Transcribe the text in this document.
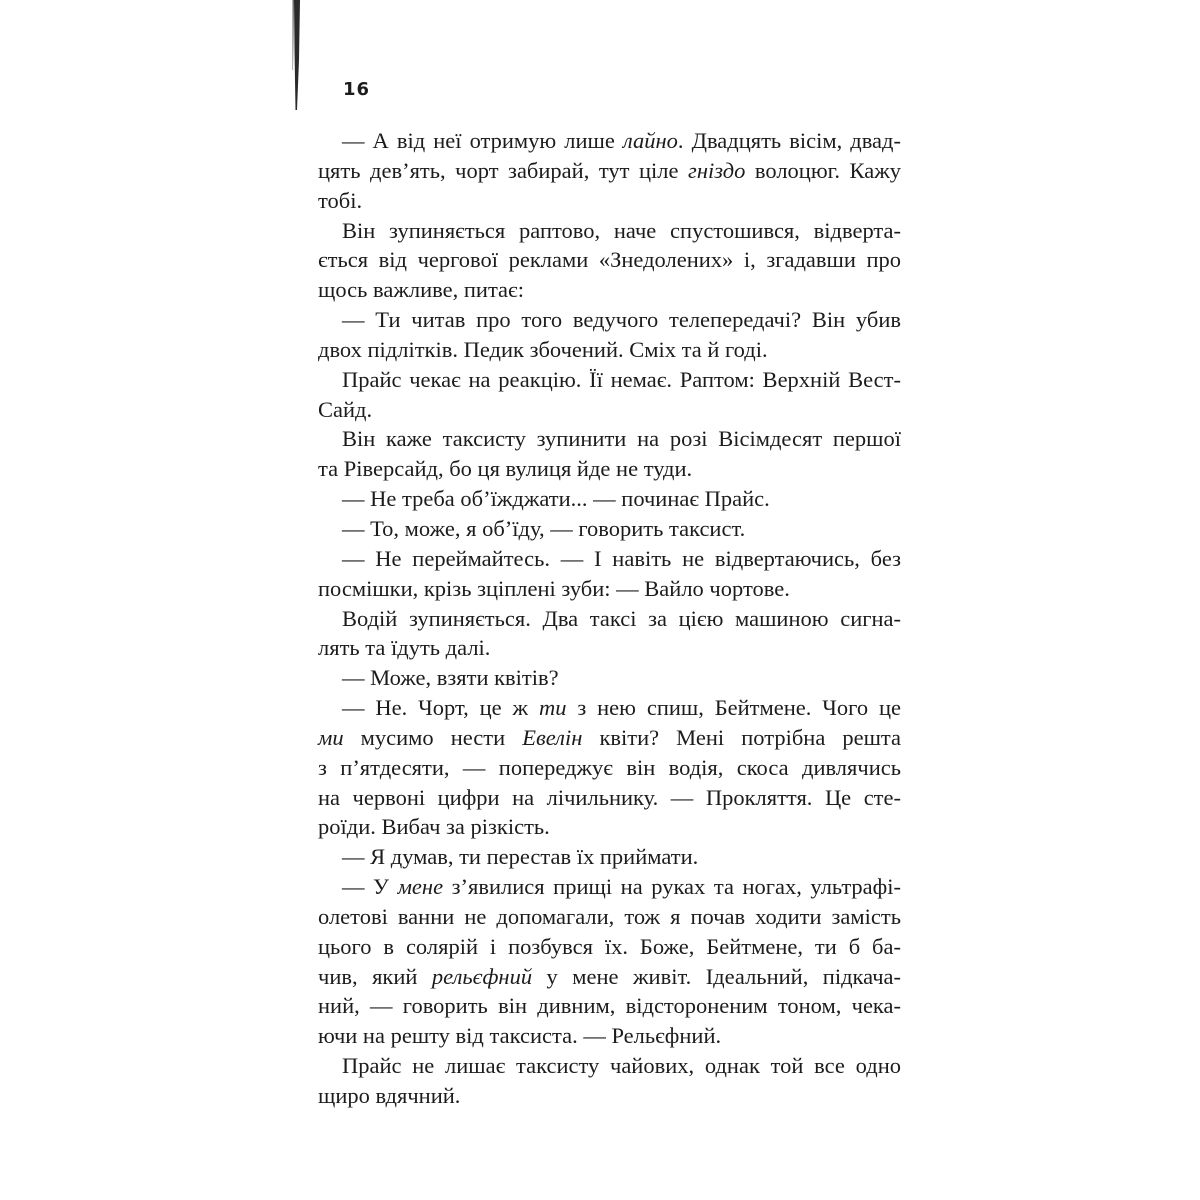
16
— А від неї отримую лише лайно. Двадцять вісім, двад-
цять дев’ять, чорт забирай, тут ціле гніздо волоцюг. Кажу
тобі.
Він зупиняється раптово, наче спустошився, відверта-
ється від чергової реклами «Знедолених» і, згадавши про
щось важливе, питає:
— Ти читав про того ведучого телепередачі? Він убив
двох підлітків. Педик збочений. Сміх та й годі.
Прайс чекає на реакцію. Її немає. Раптом: Верхній Вест-
Сайд.
Він каже таксисту зупинити на розі Вісімдесят першої
та Ріверсайд, бо ця вулиця йде не туди.
— Не треба об’їжджати... — починає Прайс.
— То, може, я об’їду, — говорить таксист.
— Не переймайтесь. — І навіть не відвертаючись, без
посмішки, крізь зціплені зуби: — Вайло чортове.
Водій зупиняється. Два таксі за цією машиною сигна-
лять та їдуть далі.
— Може, взяти квітів?
— Не. Чорт, це ж ти з нею спиш, Бейтмене. Чого це
ми мусимо нести Евелін квіти? Мені потрібна решта
з п’ятдесяти, — попереджує він водія, скоса дивлячись
на червоні цифри на лічильнику. — Прокляття. Це сте-
роїди. Вибач за різкість.
— Я думав, ти перестав їх приймати.
— У мене з’явилися прищі на руках та ногах, ультрафі-
олетові ванни не допомагали, тож я почав ходити замість
цього в солярій і позбувся їх. Боже, Бейтмене, ти б ба-
чив, який рельєфний у мене живіт. Ідеальний, підкача-
ний, — говорить він дивним, відстороненим тоном, чека-
ючи на решту від таксиста. — Рельєфний.
Прайс не лишає таксисту чайових, однак той все одно
щиро вдячний.
